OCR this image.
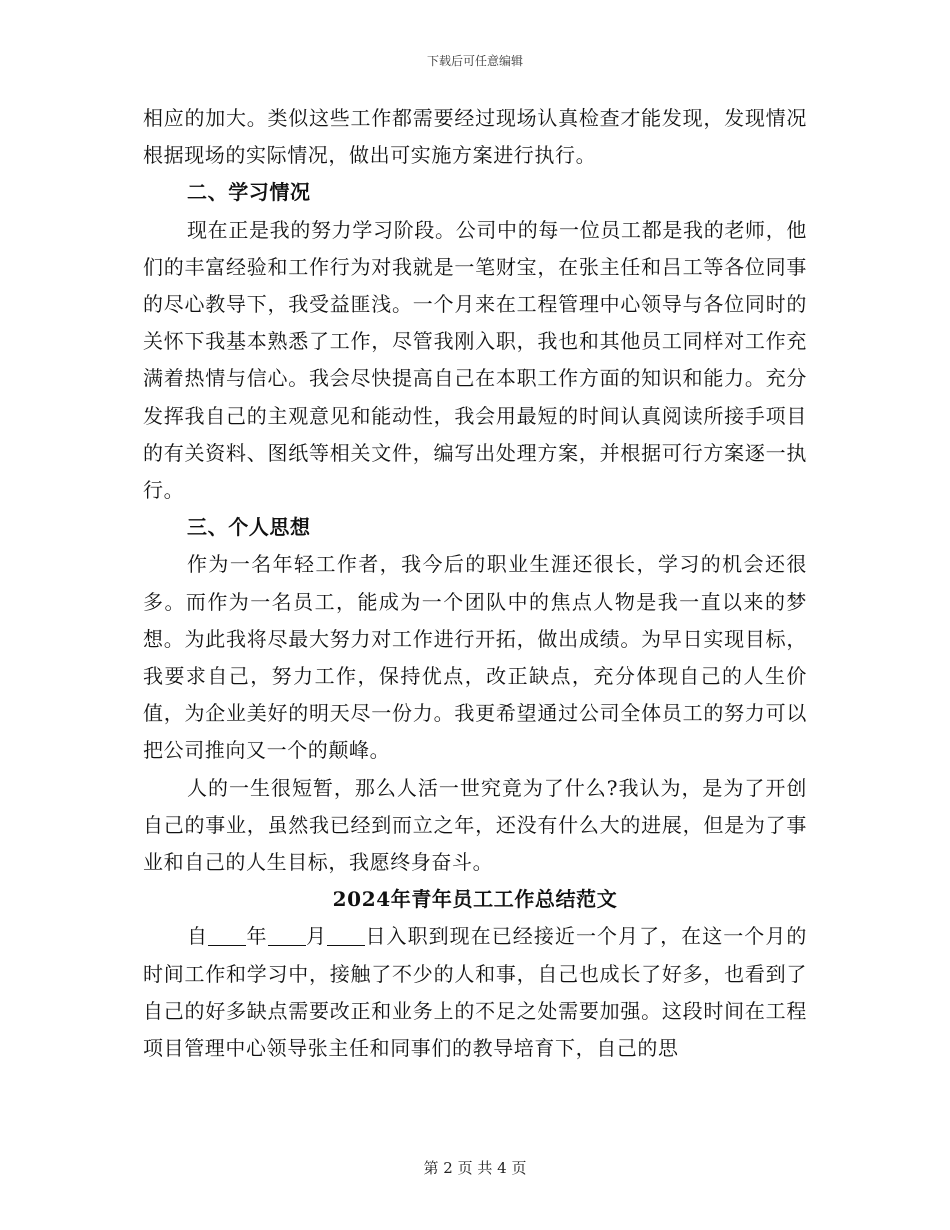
下载后可任意编辑

相应的加大。类似这些工作都需要经过现场认真检查才能发现，发现情况根据现场的实际情况，做出可实施方案进行执行。

二、学习情况

现在正是我的努力学习阶段。公司中的每一位员工都是我的老师，他们的丰富经验和工作行为对我就是一笔财宝，在张主任和吕工等各位同事的尽心教导下，我受益匪浅。一个月来在工程管理中心领导与各位同时的关怀下我基本熟悉了工作，尽管我刚入职，我也和其他员工同样对工作充满着热情与信心。我会尽快提高自己在本职工作方面的知识和能力。充分发挥我自己的主观意见和能动性，我会用最短的时间认真阅读所接手项目的有关资料、图纸等相关文件，编写出处理方案，并根据可行方案逐一执行。

三、个人思想

作为一名年轻工作者，我今后的职业生涯还很长，学习的机会还很多。而作为一名员工，能成为一个团队中的焦点人物是我一直以来的梦想。为此我将尽最大努力对工作进行开拓，做出成绩。为早日实现目标，我要求自己，努力工作，保持优点，改正缺点，充分体现自己的人生价值，为企业美好的明天尽一份力。我更希望通过公司全体员工的努力可以把公司推向又一个的颠峰。

人的一生很短暂，那么人活一世究竟为了什么?我认为，是为了开创自己的事业，虽然我已经到而立之年，还没有什么大的进展，但是为了事业和自己的人生目标，我愿终身奋斗。

2024年青年员工工作总结范文

自 年 月 日入职到现在已经接近一个月了，在这一个月的时间工作和学习中，接触了不少的人和事，自己也成长了好多，也看到了自己的好多缺点需要改正和业务上的不足之处需要加强。这段时间在工程项目管理中心领导张主任和同事们的教导培育下，自己的思

第 2 页 共 4 页
